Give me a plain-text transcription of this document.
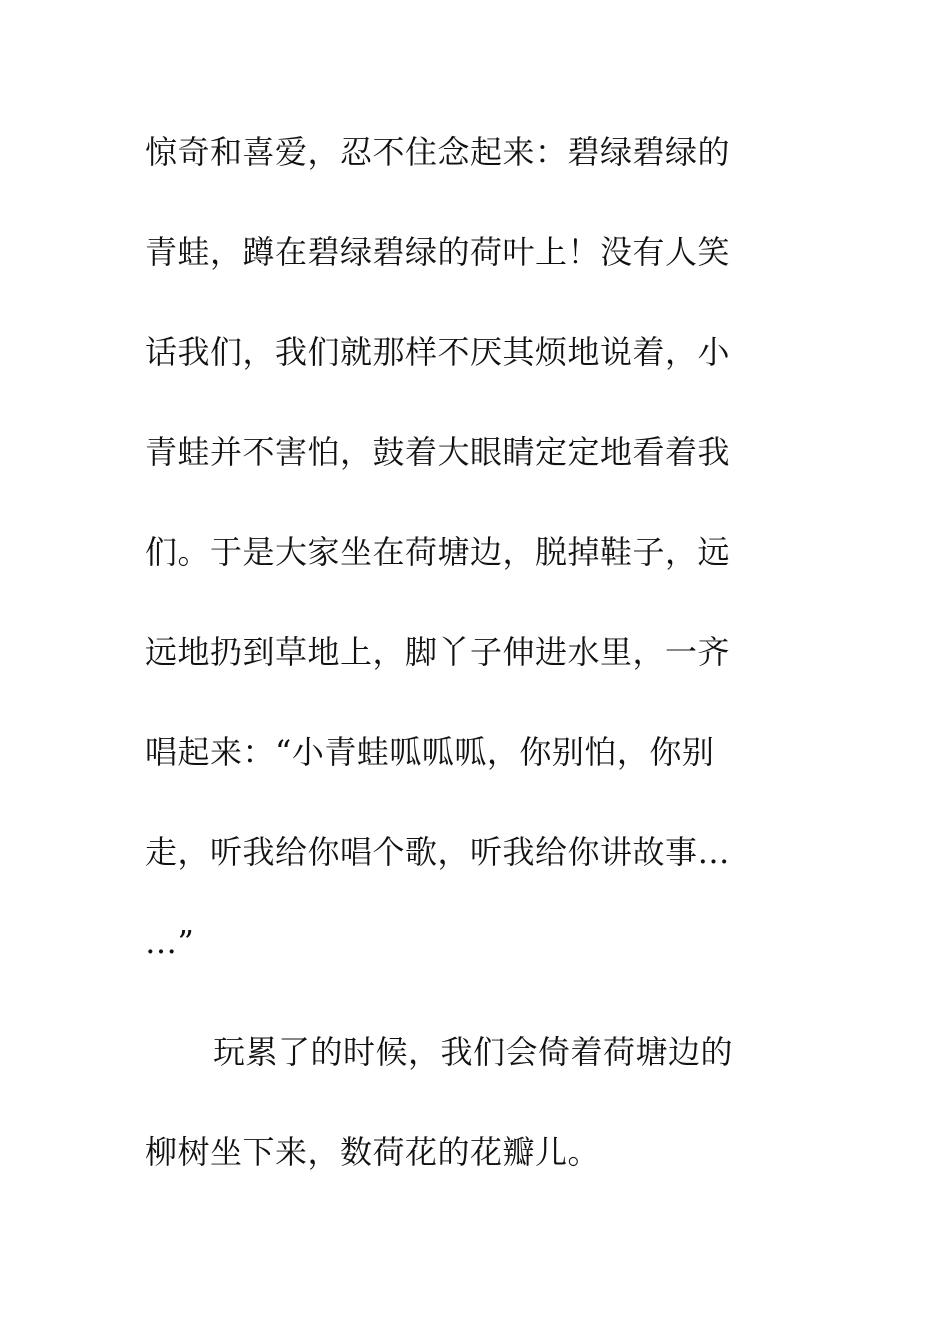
惊奇和喜爱，忍不住念起来：碧绿碧绿的
青蛙，蹲在碧绿碧绿的荷叶上！没有人笑
话我们，我们就那样不厌其烦地说着，小
青蛙并不害怕，鼓着大眼睛定定地看着我
们。于是大家坐在荷塘边，脱掉鞋子，远
远地扔到草地上，脚丫子伸进水里，一齐
唱起来：“小青蛙呱呱呱，你别怕，你别
走，听我给你唱个歌，听我给你讲故事…
…”
玩累了的时候，我们会倚着荷塘边的
柳树坐下来，数荷花的花瓣儿。
